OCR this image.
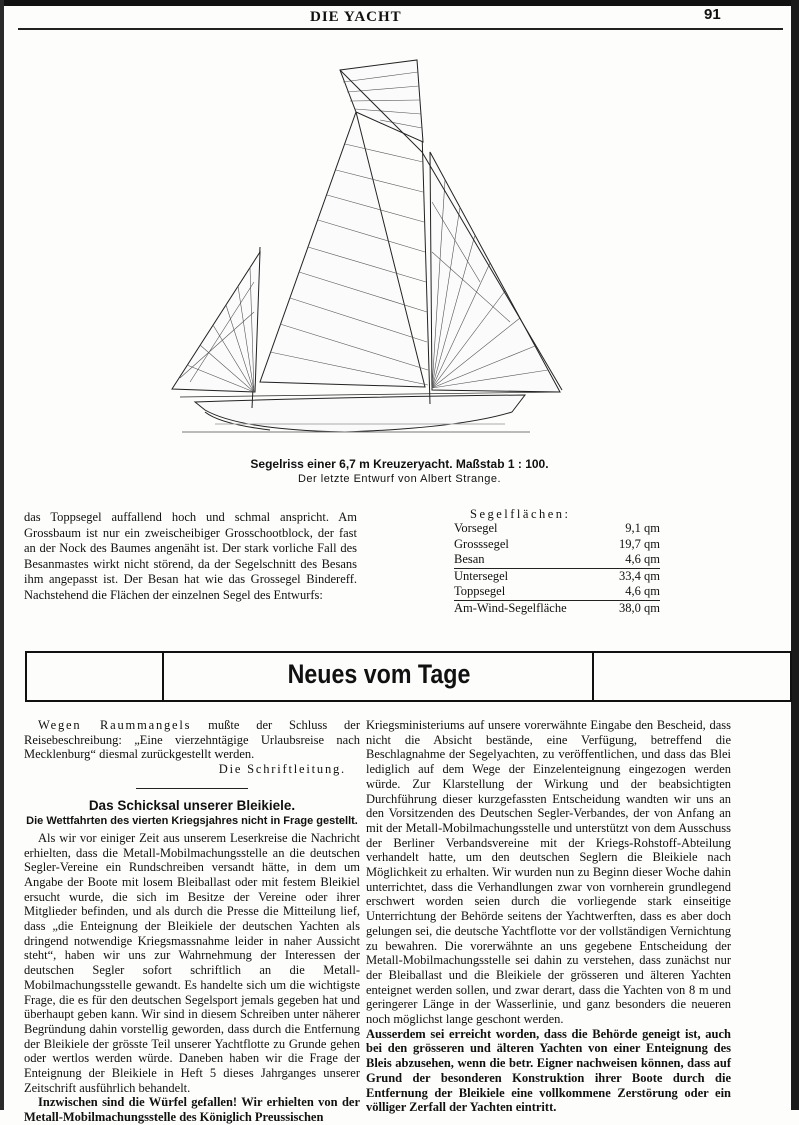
DIE YACHT	91
Segelriss einer 6,7 m Kreuzeryacht. Maßstab 1 : 100.
Der letzte Entwurf von Albert Strange.

das Toppsegel auffallend hoch und schmal anspricht. Am Grossbaum ist nur ein zweischeibiger Grosschootblock, der fast an der Nock des Baumes angenäht ist. Der stark vorliche Fall des Besanmastes wirkt nicht störend, da der Segelschnitt des Besans ihm angepasst ist. Der Besan hat wie das Grossegel Bindereff. Nachstehend die Flächen der einzelnen Segel des Entwurfs:

Segelflächen:
Vorsegel	9,1 qm
Grosssegel	19,7 qm
Besan	4,6 qm
Untersegel	33,4 qm
Toppsegel	4,6 qm
Am-Wind-Segelfläche	38,0 qm
Neues vom Tage

Wegen Raummangels mußte der Schluss der Reisebeschreibung: „Eine vierzehntägige Urlaubsreise nach Mecklenburg“ diesmal zurückgestellt werden.

Die Schriftleitung.

Das Schicksal unserer Bleikiele.

Die Wettfahrten des vierten Kriegsjahres nicht in Frage gestellt.

Als wir vor einiger Zeit aus unserem Leserkreise die Nachricht erhielten, dass die Metall-Mobilmachungsstelle an die deutschen Segler-Vereine ein Rundschreiben versandt hätte, in dem um Angabe der Boote mit losem Bleiballast oder mit festem Bleikiel ersucht wurde, die sich im Besitze der Vereine oder ihrer Mitglieder befinden, und als durch die Presse die Mitteilung lief, dass „die Enteignung der Bleikiele der deutschen Yachten als dringend notwendige Kriegsmassnahme leider in naher Aussicht steht“, haben wir uns zur Wahrnehmung der Interessen der deutschen Segler sofort schriftlich an die Metall-Mobilmachungsstelle gewandt. Es handelte sich um die wichtigste Frage, die es für den deutschen Segelsport jemals gegeben hat und überhaupt geben kann. Wir sind in diesem Schreiben unter näherer Begründung dahin vorstellig geworden, dass durch die Entfernung der Bleikiele der grösste Teil unserer Yachtflotte zu Grunde gehen oder wertlos werden würde. Daneben haben wir die Frage der Enteignung der Bleikiele in Heft 5 dieses Jahrganges unserer Zeitschrift ausführlich behandelt.

Inzwischen sind die Würfel gefallen! Wir erhielten von der Metall-Mobilmachungsstelle des Königlich Preussischen

Kriegsministeriums auf unsere vorerwähnte Eingabe den Bescheid, dass nicht die Absicht bestände, eine Verfügung, betreffend die Beschlagnahme der Segelyachten, zu veröffentlichen, und dass das Blei lediglich auf dem Wege der Einzelenteignung eingezogen werden würde. Zur Klarstellung der Wirkung und der beabsichtigten Durchführung dieser kurzgefassten Entscheidung wandten wir uns an den Vorsitzenden des Deutschen Segler-Verbandes, der von Anfang an mit der Metall-Mobilmachungsstelle und unterstützt von dem Ausschuss der Berliner Verbandsvereine mit der Kriegs-Rohstoff-Abteilung verhandelt hatte, um den deutschen Seglern die Bleikiele nach Möglichkeit zu erhalten. Wir wurden nun zu Beginn dieser Woche dahin unterrichtet, dass die Verhandlungen zwar von vornherein grundlegend erschwert worden seien durch die vorliegende stark einseitige Unterrichtung der Behörde seitens der Yachtwerften, dass es aber doch gelungen sei, die deutsche Yachtflotte vor der vollständigen Vernichtung zu bewahren. Die vorerwähnte an uns gegebene Entscheidung der Metall-Mobilmachungsstelle sei dahin zu verstehen, dass zunächst nur der Bleiballast und die Bleikiele der grösseren und älteren Yachten enteignet werden sollen, und zwar derart, dass die Yachten von 8 m und geringerer Länge in der Wasserlinie, und ganz besonders die neueren noch möglichst lange geschont werden.

Ausserdem sei erreicht worden, dass die Behörde geneigt ist, auch bei den grösseren und älteren Yachten von einer Enteignung des Bleis abzusehen, wenn die betr. Eigner nachweisen können, dass auf Grund der besonderen Konstruktion ihrer Boote durch die Entfernung der Bleikiele eine vollkommene Zerstörung oder ein völliger Zerfall der Yachten eintritt.
